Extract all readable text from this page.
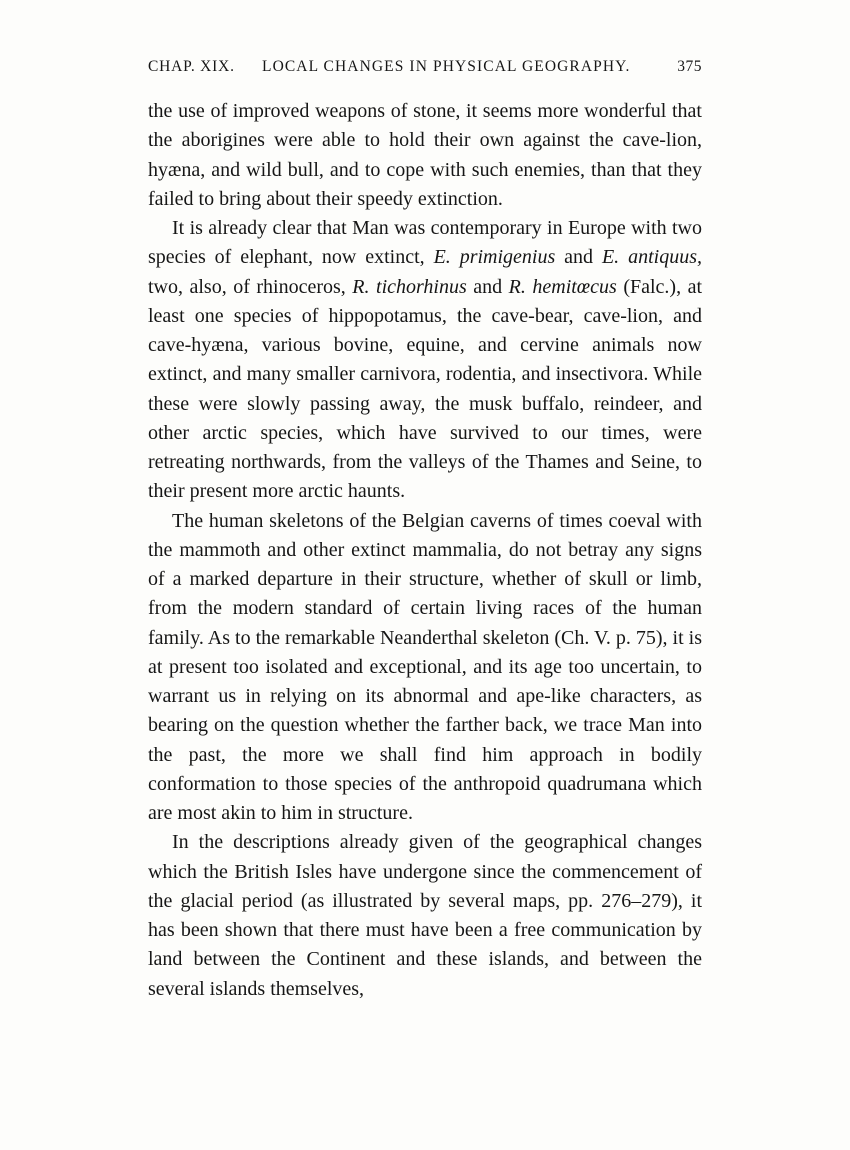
CHAP. XIX. LOCAL CHANGES IN PHYSICAL GEOGRAPHY.	375

the use of improved weapons of stone, it seems more wonderful that the aborigines were able to hold their own against the cave-lion, hyæna, and wild bull, and to cope with such enemies, than that they failed to bring about their speedy extinction.

It is already clear that Man was contemporary in Europe with two species of elephant, now extinct, E. primigenius and E. antiquus, two, also, of rhinoceros, R. tichorhinus and R. hemitœcus (Falc.), at least one species of hippopotamus, the cave-bear, cave-lion, and cave-hyæna, various bovine, equine, and cervine animals now extinct, and many smaller carnivora, rodentia, and insectivora. While these were slowly passing away, the musk buffalo, reindeer, and other arctic species, which have survived to our times, were retreating northwards, from the valleys of the Thames and Seine, to their present more arctic haunts.

The human skeletons of the Belgian caverns of times coeval with the mammoth and other extinct mammalia, do not betray any signs of a marked departure in their structure, whether of skull or limb, from the modern standard of certain living races of the human family. As to the remarkable Neanderthal skeleton (Ch. V. p. 75), it is at present too isolated and exceptional, and its age too uncertain, to warrant us in relying on its abnormal and ape-like characters, as bearing on the question whether the farther back, we trace Man into the past, the more we shall find him approach in bodily conformation to those species of the anthropoid quadrumana which are most akin to him in structure.

In the descriptions already given of the geographical changes which the British Isles have undergone since the commencement of the glacial period (as illustrated by several maps, pp. 276–279), it has been shown that there must have been a free communication by land between the Continent and these islands, and between the several islands themselves,
